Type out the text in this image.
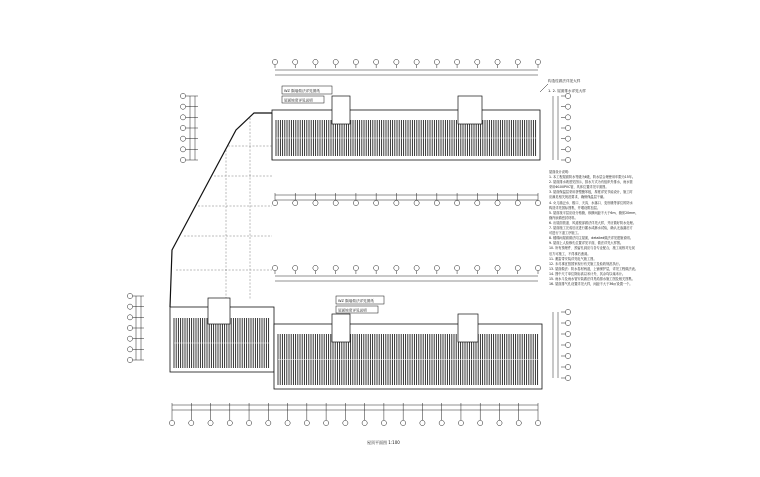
WZ 隔墙做法详见图纸
屋面坡度详见说明
WZ 隔墙做法详见图纸
屋面坡度详见说明
构造柱做法详见大样
1. 2. 屋面排水详见大样
屋面设计说明：
1. 本工程屋面防水等级为Ⅱ级，防水层合理使用年限为15年。
2. 屋面排水坡度见图示，排水方式为有组织外排水，雨水管
采用Φ100PVC管，具体位置详见平面图。
3. 屋面保温层采用挤塑聚苯板，厚度详见节能设计，施工时
应满足相关规范要求，确保保温层干燥。
4. 女儿墙泛水、檐口、天沟、水落口、变形缝等部位的防水
构造详见国标图集，并增设附加层。
5. 屋面找平层应设分格缝，纵横间距不大于6m，缝宽20mm，
缝内嵌填密封材料。
6. 出屋面管道、风道根部做法详见大样，并应做好防水处理。
7. 屋面施工完成后应进行蓄水或淋水试验，确认无渗漏后方
可进行下道工序施工。
8. 楼梯间屋面做法同主屋面，detailed做法详见建施说明。
9. 屋面上人检修孔位置详见平面，做法详见大样图。
10. 所有预埋件、预留孔洞应与各专业配合，施工前核对无误
后方可施工，不得事后凿洞。
11. 避雷带安装详见电气施工图。
12. 未尽事宜按国家现行有关施工及验收规范执行。
13. 屋面做法：防水卷材两道，上铺保护层，详见工程做法表。
14. 图中尺寸单位除标高以米计外，其余均以毫米计。
15. 雨水斗及雨水管安装做法详见给排水施工图及相关图集。
16. 屋面排气孔设置详见大样，间距不大于36㎡设置一个。
屋顶平面图 1:100
